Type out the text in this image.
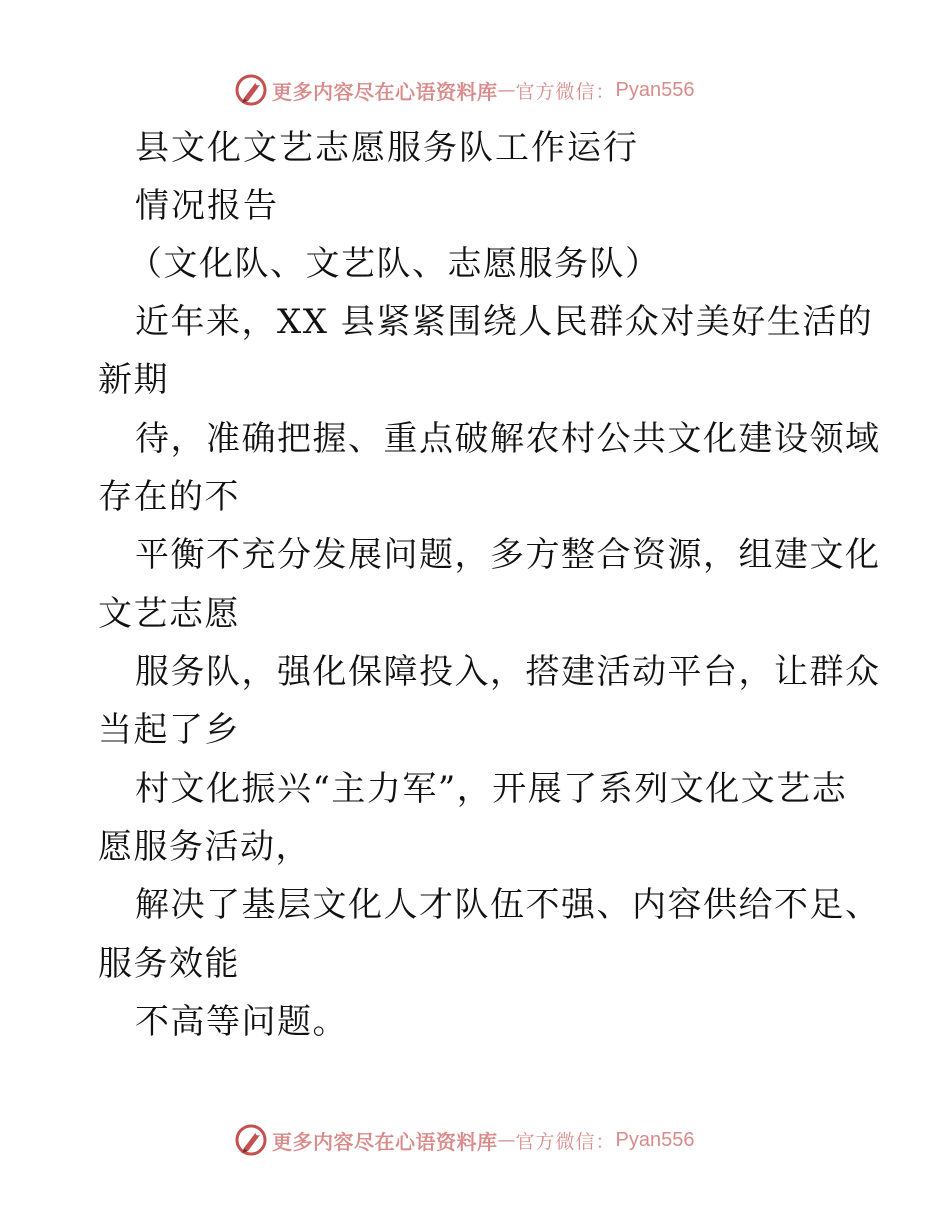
更多内容尽在心语资料库 — 官方微信： Pyan556
县文化文艺志愿服务队工作运行
情况报告
（文化队、文艺队、志愿服务队）
近年来，XX 县紧紧围绕人民群众对美好生活的
新期
待，准确把握、重点破解农村公共文化建设领域
存在的不
平衡不充分发展问题，多方整合资源，组建文化
文艺志愿
服务队，强化保障投入，搭建活动平台，让群众
当起了乡
村文化振兴“主力军”，开展了系列文化文艺志
愿服务活动，
解决了基层文化人才队伍不强、内容供给不足、
服务效能
不高等问题。
更多内容尽在心语资料库 — 官方微信： Pyan556
